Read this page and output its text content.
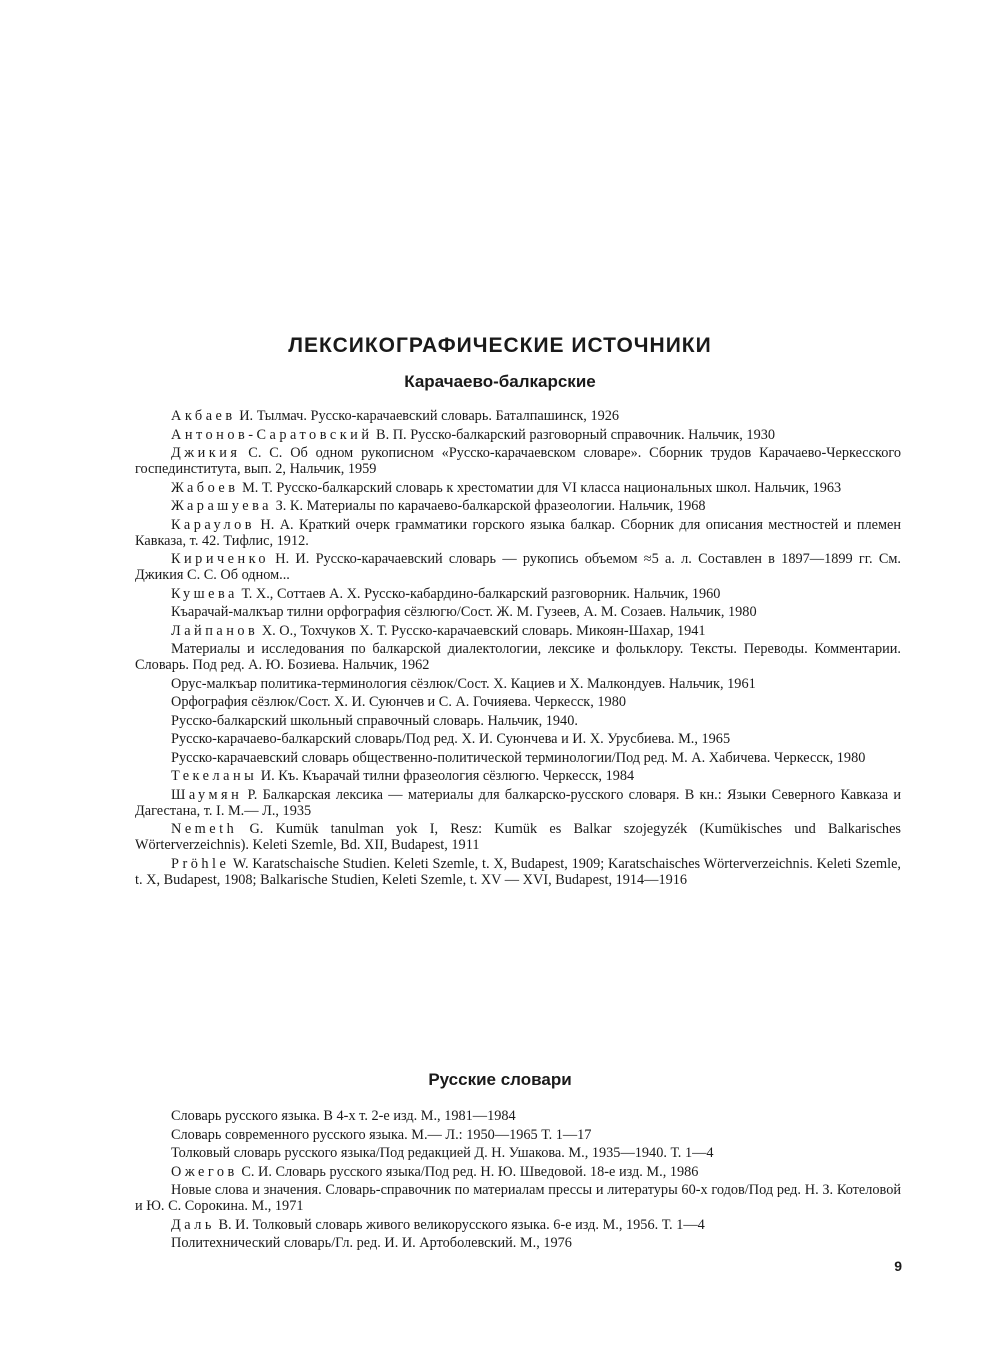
ЛЕКСИКОГРАФИЧЕСКИЕ ИСТОЧНИКИ
Карачаево-балкарские

Акбаев И. Тылмач. Русско-карачаевский словарь. Баталпашинск, 1926

Антонов-Саратовский В. П. Русско-балкарский разговорный справочник. Нальчик, 1930

Джикия С. С. Об одном рукописном «Русско-карачаевском словаре». Сборник трудов Карачаево-Черкесского госпединститута, вып. 2, Нальчик, 1959

Жабоев М. Т. Русско-балкарский словарь к хрестоматии для VI класса национальных школ. Нальчик, 1963

Жарашуева З. К. Материалы по карачаево-балкарской фразеологии. Нальчик, 1968

Караулов Н. А. Краткий очерк грамматики горского языка балкар. Сборник для описания местностей и племен Кавказа, т. 42. Тифлис, 1912.

Кириченко Н. И. Русско-карачаевский словарь — рукопись объемом ≈5 а. л. Составлен в 1897—1899 гг. См. Джикия С. С. Об одном...

Кушева Т. Х., Соттаев А. Х. Русско-кабардино-балкарский разговорник. Нальчик, 1960

Къарачай-малкъар тилни орфография сёзлюгю/Сост. Ж. М. Гузеев, А. М. Созаев. Нальчик, 1980

Лайпанов Х. О., Тохчуков Х. Т. Русско-карачаевский словарь. Микоян-Шахар, 1941

Материалы и исследования по балкарской диалектологии, лексике и фольклору. Тексты. Переводы. Комментарии. Словарь. Под ред. А. Ю. Бозиева. Нальчик, 1962

Орус-малкъар политика-терминология сёзлюк/Сост. Х. Кациев и Х. Малкондуев. Нальчик, 1961

Орфография сёзлюк/Сост. Х. И. Суюнчев и С. А. Гочияева. Черкесск, 1980

Русско-балкарский школьный справочный словарь. Нальчик, 1940.

Русско-карачаево-балкарский словарь/Под ред. Х. И. Суюнчева и И. Х. Урусбиева. М., 1965

Русско-карачаевский словарь общественно-политической терминологии/Под ред. М. А. Хабичева. Черкесск, 1980

Текеланы И. Къ. Къарачай тилни фразеология сёзлюгю. Черкесск, 1984

Шаумян Р. Балкарская лексика — материалы для балкарско-русского словаря. В кн.: Языки Северного Кавказа и Дагестана, т. I. М.— Л., 1935

Nemeth G. Kumük tanulman yok I, Resz: Kumük es Balkar szojegyzék (Kumükisches und Balkarisches Wörterverzeichnis). Keleti Szemle, Bd. XII, Budapest, 1911

Pröhle W. Karatschaische Studien. Keleti Szemle, t. X, Budapest, 1909; Karatschaisches Wörterverzeichnis. Keleti Szemle, t. X, Budapest, 1908; Balkarische Studien, Keleti Szemle, t. XV — XVI, Budapest, 1914—1916

Русские словари

Словарь русского языка. В 4-х т. 2-е изд. М., 1981—1984

Словарь современного русского языка. М.— Л.: 1950—1965 Т. 1—17

Толковый словарь русского языка/Под редакцией Д. Н. Ушакова. М., 1935—1940. Т. 1—4

Ожегов С. И. Словарь русского языка/Под ред. Н. Ю. Шведовой. 18-е изд. М., 1986

Новые слова и значения. Словарь-справочник по материалам прессы и литературы 60-х годов/Под ред. Н. З. Котеловой и Ю. С. Сорокина. М., 1971

Даль В. И. Толковый словарь живого великорусского языка. 6-е изд. М., 1956. Т. 1—4

Политехнический словарь/Гл. ред. И. И. Артоболевский. М., 1976

9
